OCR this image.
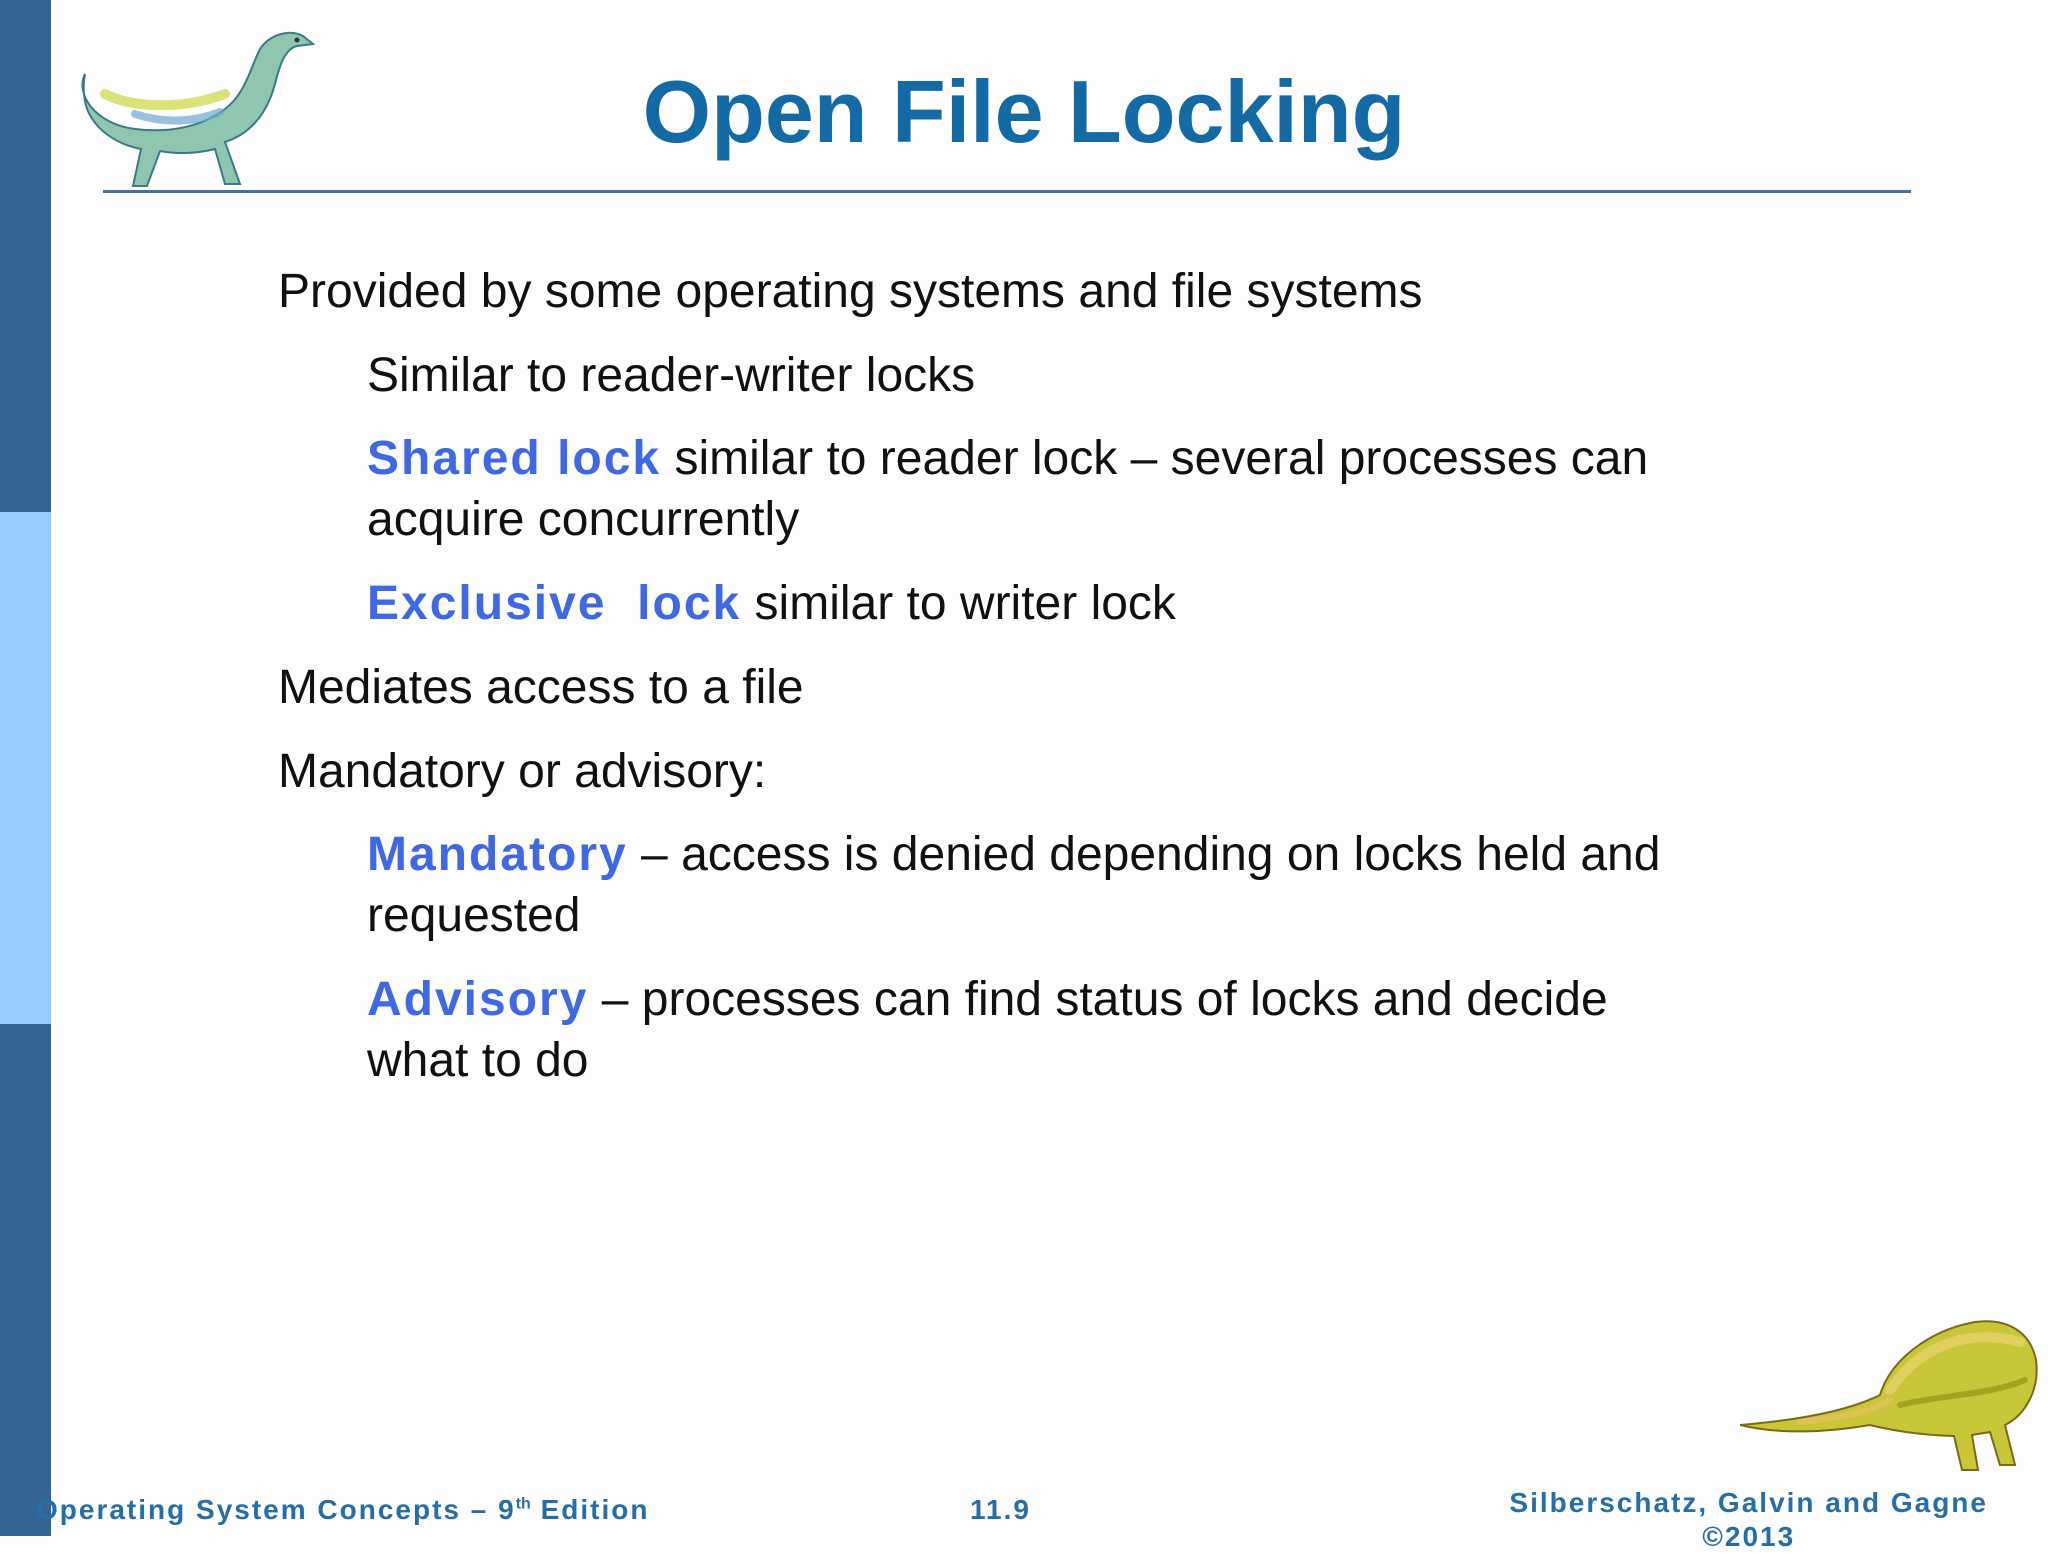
Open File Locking
Provided by some operating systems and file systems
Similar to reader-writer locks
Shared lock similar to reader lock – several processes can
acquire concurrently
Exclusive  lock similar to writer lock
Mediates access to a file
Mandatory or advisory:
Mandatory – access is denied depending on locks held and
requested
Advisory – processes can find status of locks and decide
what to do
Operating System Concepts – 9th Edition	11.9	Silberschatz, Galvin and Gagne
©2013
